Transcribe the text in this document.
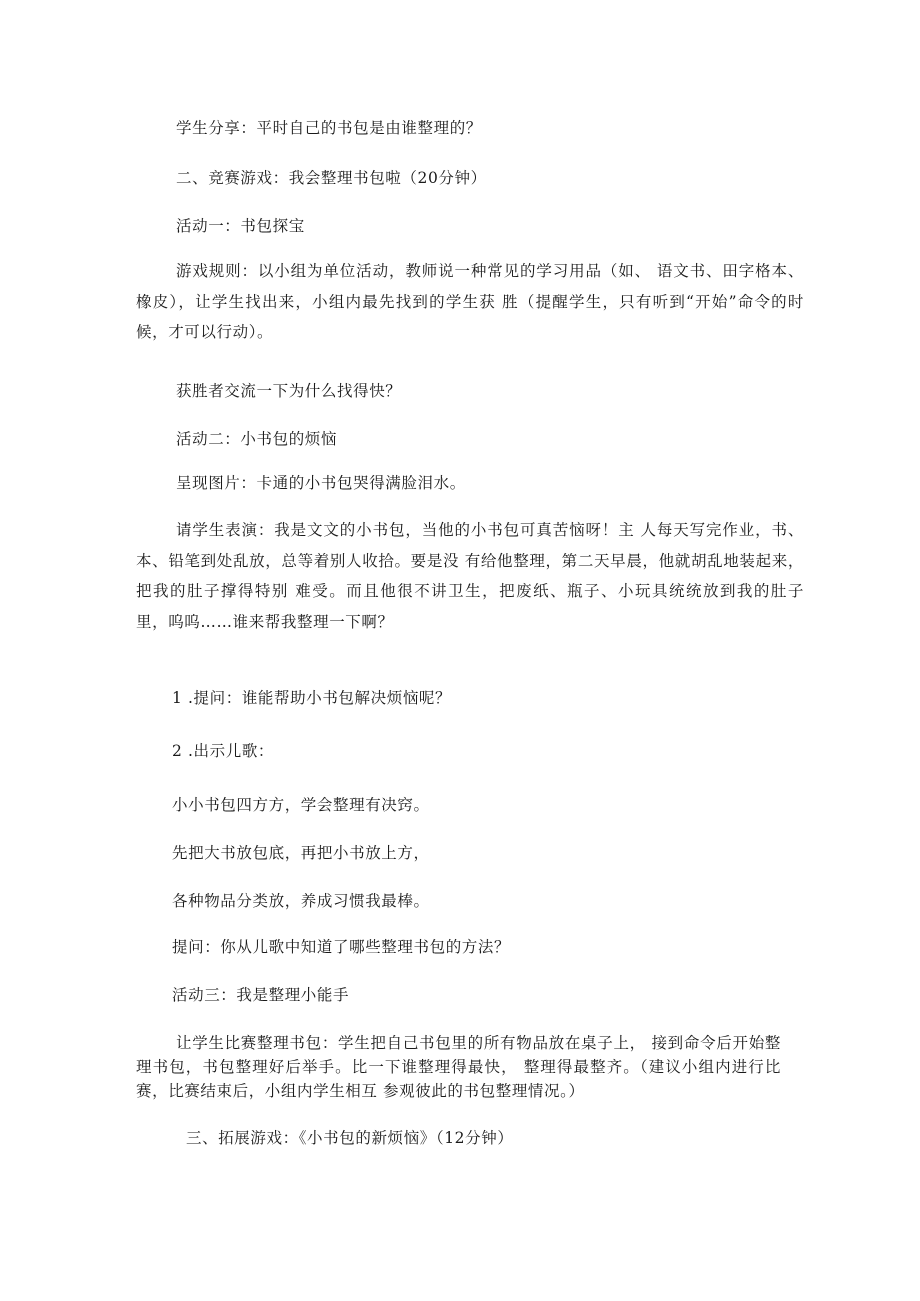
学生分享：平时自己的书包是由谁整理的？
二、竞赛游戏：我会整理书包啦（20分钟）
活动一：书包探宝
游戏规则：以小组为单位活动，教师说一种常见的学习用品（如、 语文书、田字格本、橡皮），让学生找出来，小组内最先找到的学生获 胜（提醒学生，只有听到“开始”命令的时候，才可以行动）。
获胜者交流一下为什么找得快？
活动二：小书包的烦恼
呈现图片：卡通的小书包哭得满脸泪水。
请学生表演：我是文文的小书包，当他的小书包可真苦恼呀！主 人每天写完作业，书、本、铅笔到处乱放，总等着别人收拾。要是没 有给他整理，第二天早晨，他就胡乱地装起来，把我的肚子撑得特别 难受。而且他很不讲卫生，把废纸、瓶子、小玩具统统放到我的肚子 里，呜呜……谁来帮我整理一下啊？
1 .提问：谁能帮助小书包解决烦恼呢？
2 .出示儿歌：
小小书包四方方，学会整理有决窍。
先把大书放包底，再把小书放上方，
各种物品分类放，养成习惯我最棒。
提问：你从儿歌中知道了哪些整理书包的方法？
活动三：我是整理小能手
让学生比赛整理书包：学生把自己书包里的所有物品放在桌子上， 接到命令后开始整理书包，书包整理好后举手。比一下谁整理得最快， 整理得最整齐。（建议小组内进行比赛，比赛结束后，小组内学生相互 参观彼此的书包整理情况。）
三、拓展游戏：《小书包的新烦恼》（12分钟）
